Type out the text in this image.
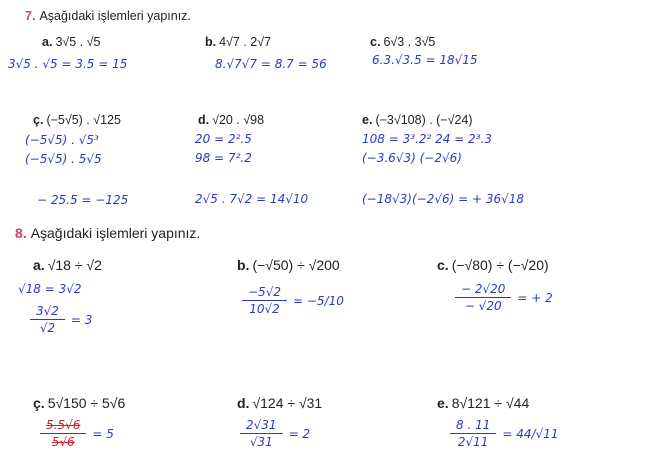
7. Aşağıdaki işlemleri yapınız.
8. Aşağıdaki işlemleri yapınız.
a. 3√5 . √5
3√5 . √5 = 3.5 = 15
b. 4√7 . 2√7
8.√7√7 = 8.7 = 56
c. 6√3 . 3√5
6.3.√3.5 = 18√15
ç. (−5√5) . √125
(−5√5) . √5³
(−5√5) . 5√5
− 25.5 = −125
d. √20 . √98
20 = 2².5
98 = 7².2
2√5 . 7√2 = 14√10
e. (−3√108) . (−√24)
108 = 3³.2² 24 = 2³.3
(−3.6√3) (−2√6)
(−18√3)(−2√6) = + 36√18
a. √18 ÷ √2
√18 = 3√2
$\frac{3√2}{√2} = 3$
b. (−√50) ÷ √200
$\frac{-5√2}{10√2} = -5/10$
c. (−√80) ÷ (−√20)
$\frac{- 2√20}{- √20}$ = + 2
ç. 5√150 ÷ 5√6
$\frac{5.5√6}{5√6} = 5$
d. √124 ÷ √31
$\frac{2√31}{√31} = 2$
e. 8√121 ÷ √44
$\frac{8 . 11}{2√11} = 44/√11$
